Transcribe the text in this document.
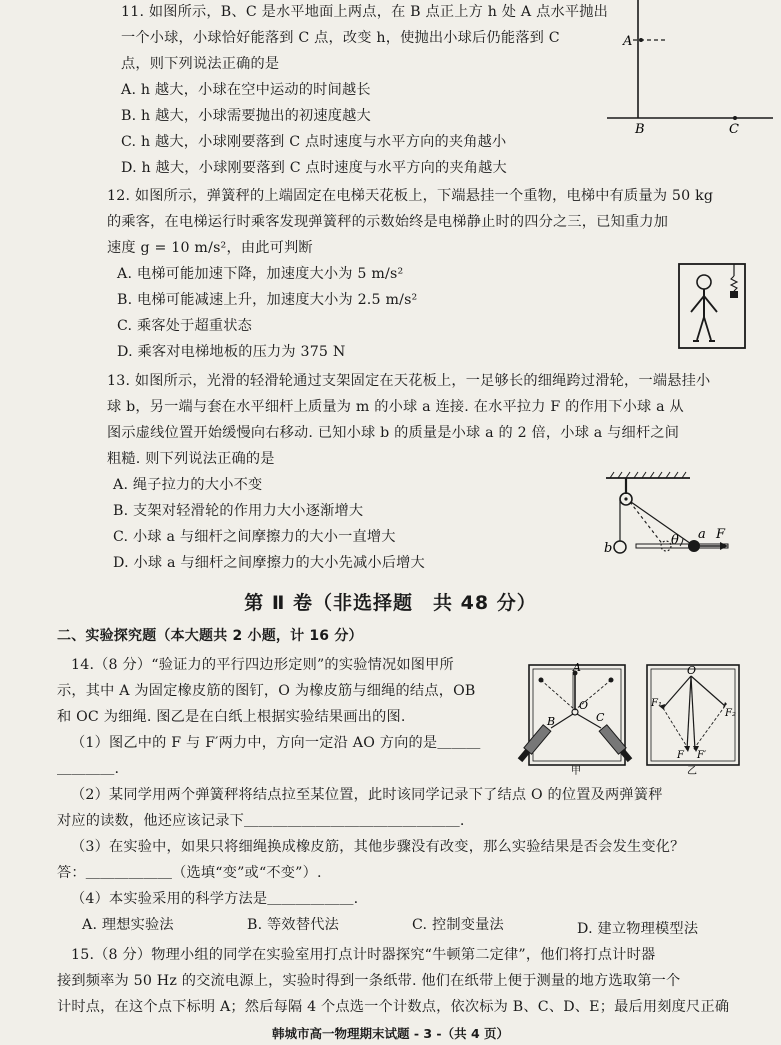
11. 如图所示，B、C 是水平地面上两点，在 B 点正上方 h 处 A 点水平抛出
一个小球，小球恰好能落到 C 点，改变 h，使抛出小球后仍能落到 C
点，则下列说法正确的是
A. h 越大，小球在空中运动的时间越长
B. h 越大，小球需要抛出的初速度越大
C. h 越大，小球刚要落到 C 点时速度与水平方向的夹角越小
D. h 越大，小球刚要落到 C 点时速度与水平方向的夹角越大
A
B	C
12. 如图所示，弹簧秤的上端固定在电梯天花板上，下端悬挂一个重物，电梯中有质量为 50 kg
的乘客，在电梯运行时乘客发现弹簧秤的示数始终是电梯静止时的四分之三，已知重力加
速度 g = 10 m/s²，由此可判断
A. 电梯可能加速下降，加速度大小为 5 m/s²
B. 电梯可能减速上升，加速度大小为 2.5 m/s²
C. 乘客处于超重状态
D. 乘客对电梯地板的压力为 375 N
13. 如图所示，光滑的轻滑轮通过支架固定在天花板上，一足够长的细绳跨过滑轮，一端悬挂小
球 b，另一端与套在水平细杆上质量为 m 的小球 a 连接. 在水平拉力 F 的作用下小球 a 从
图示虚线位置开始缓慢向右移动. 已知小球 b 的质量是小球 a 的 2 倍，小球 a 与细杆之间
粗糙. 则下列说法正确的是
A. 绳子拉力的大小不变
B. 支架对轻滑轮的作用力大小逐渐增大
C. 小球 a 与细杆之间摩擦力的大小一直增大
D. 小球 a 与细杆之间摩擦力的大小先减小后增大
b
θ a F
第 Ⅱ 卷（非选择题　共 48 分）
二、实验探究题（本大题共 2 小题，计 16 分）
14.（8 分）“验证力的平行四边形定则”的实验情况如图甲所
示，其中 A 为固定橡皮筋的图钉，O 为橡皮筋与细绳的结点，OB
和 OC 为细绳. 图乙是在白纸上根据实验结果画出的图.
（1）图乙中的 F 与 F′两力中，方向一定沿 AO 方向的是＿＿＿
＿＿＿＿.
（2）某同学用两个弹簧秤将结点拉至某位置，此时该同学记录下了结点 O 的位置及两弹簧秤
对应的读数，他还应该记录下＿＿＿＿＿＿＿＿＿＿＿＿＿＿＿.
（3）在实验中，如果只将细绳换成橡皮筋，其他步骤没有改变，那么实验结果是否会发生变化？
答：＿＿＿＿＿＿（选填“变”或“不变”）.
（4）本实验采用的科学方法是＿＿＿＿＿＿.
A. 理想实验法	B. 等效替代法	C. 控制变量法	D. 建立物理模型法
A
O
B	C
甲
O
F₁
F₂
F F′
乙
15.（8 分）物理小组的同学在实验室用打点计时器探究“牛顿第二定律”，他们将打点计时器
接到频率为 50 Hz 的交流电源上，实验时得到一条纸带. 他们在纸带上便于测量的地方选取第一个
计时点，在这个点下标明 A；然后每隔 4 个点选一个计数点，依次标为 B、C、D、E；最后用刻度尺正确
韩城市高一物理期末试题 - 3 -（共 4 页）
